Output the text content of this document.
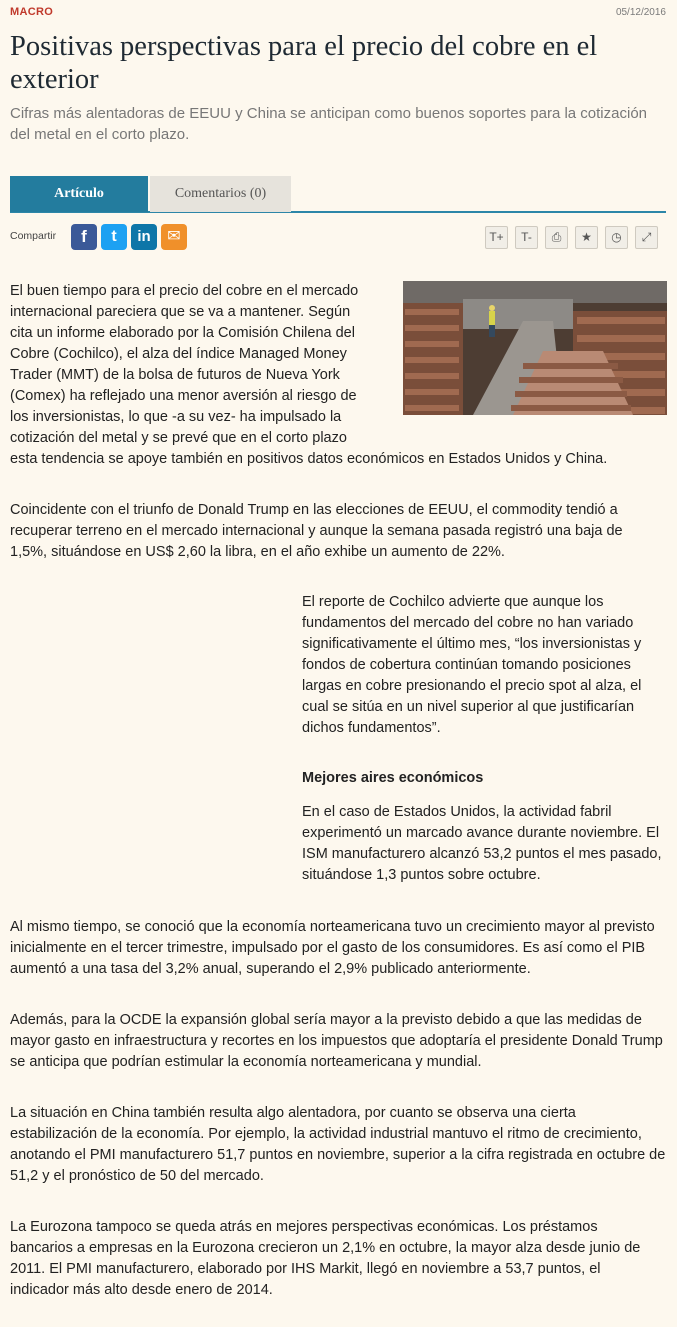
MACRO	05/12/2016
Positivas perspectivas para el precio del cobre en el exterior

Cifras más alentadoras de EEUU y China se anticipan como buenos soportes para la cotización del metal en el corto plazo.

Artículo	Comentarios (0)
Compartir	f	t	in	✉	T+	T-	⎙	★	◷	⤢
El buen tiempo para el precio del cobre en el mercado
internacional pareciera que se va a mantener. Según
cita un informe elaborado por la Comisión Chilena del
Cobre (Cochilco), el alza del índice Managed Money
Trader (MMT) de la bolsa de futuros de Nueva York
(Comex) ha reflejado una menor aversión al riesgo de
los inversionistas, lo que -a su vez- ha impulsado la
cotización del metal y se prevé que en el corto plazo
esta tendencia se apoye también en positivos datos económicos en Estados Unidos y China.

Coincidente con el triunfo de Donald Trump en las elecciones de EEUU, el commodity tendió a recuperar terreno en el mercado internacional y aunque la semana pasada registró una baja de 1,5%, situándose en US$ 2,60 la libra, en el año exhibe un aumento de 22%.

El reporte de Cochilco advierte que aunque los fundamentos del mercado del cobre no han variado significativamente el último mes, “los inversionistas y fondos de cobertura continúan tomando posiciones largas en cobre presionando el precio spot al alza, el cual se sitúa en un nivel superior al que justificarían dichos fundamentos”.

Mejores aires económicos

En el caso de Estados Unidos, la actividad fabril experimentó un marcado avance durante noviembre. El ISM manufacturero alcanzó 53,2 puntos el mes pasado, situándose 1,3 puntos sobre octubre.

Al mismo tiempo, se conoció que la economía norteamericana tuvo un crecimiento mayor al previsto inicialmente en el tercer trimestre, impulsado por el gasto de los consumidores. Es así como el PIB aumentó a una tasa del 3,2% anual, superando el 2,9% publicado anteriormente.

Además, para la OCDE la expansión global sería mayor a la previsto debido a que las medidas de mayor gasto en infraestructura y recortes en los impuestos que adoptaría el presidente Donald Trump se anticipa que podrían estimular la economía norteamericana y mundial.

La situación en China también resulta algo alentadora, por cuanto se observa una cierta estabilización de la economía. Por ejemplo, la actividad industrial mantuvo el ritmo de crecimiento, anotando el PMI manufacturero 51,7 puntos en noviembre, superior a la cifra registrada en octubre de 51,2 y el pronóstico de 50 del mercado.

La Eurozona tampoco se queda atrás en mejores perspectivas económicas. Los préstamos bancarios a empresas en la Eurozona crecieron un 2,1% en octubre, la mayor alza desde junio de 2011. El PMI manufacturero, elaborado por IHS Markit, llegó en noviembre a 53,7 puntos, el indicador más alto desde enero de 2014.
